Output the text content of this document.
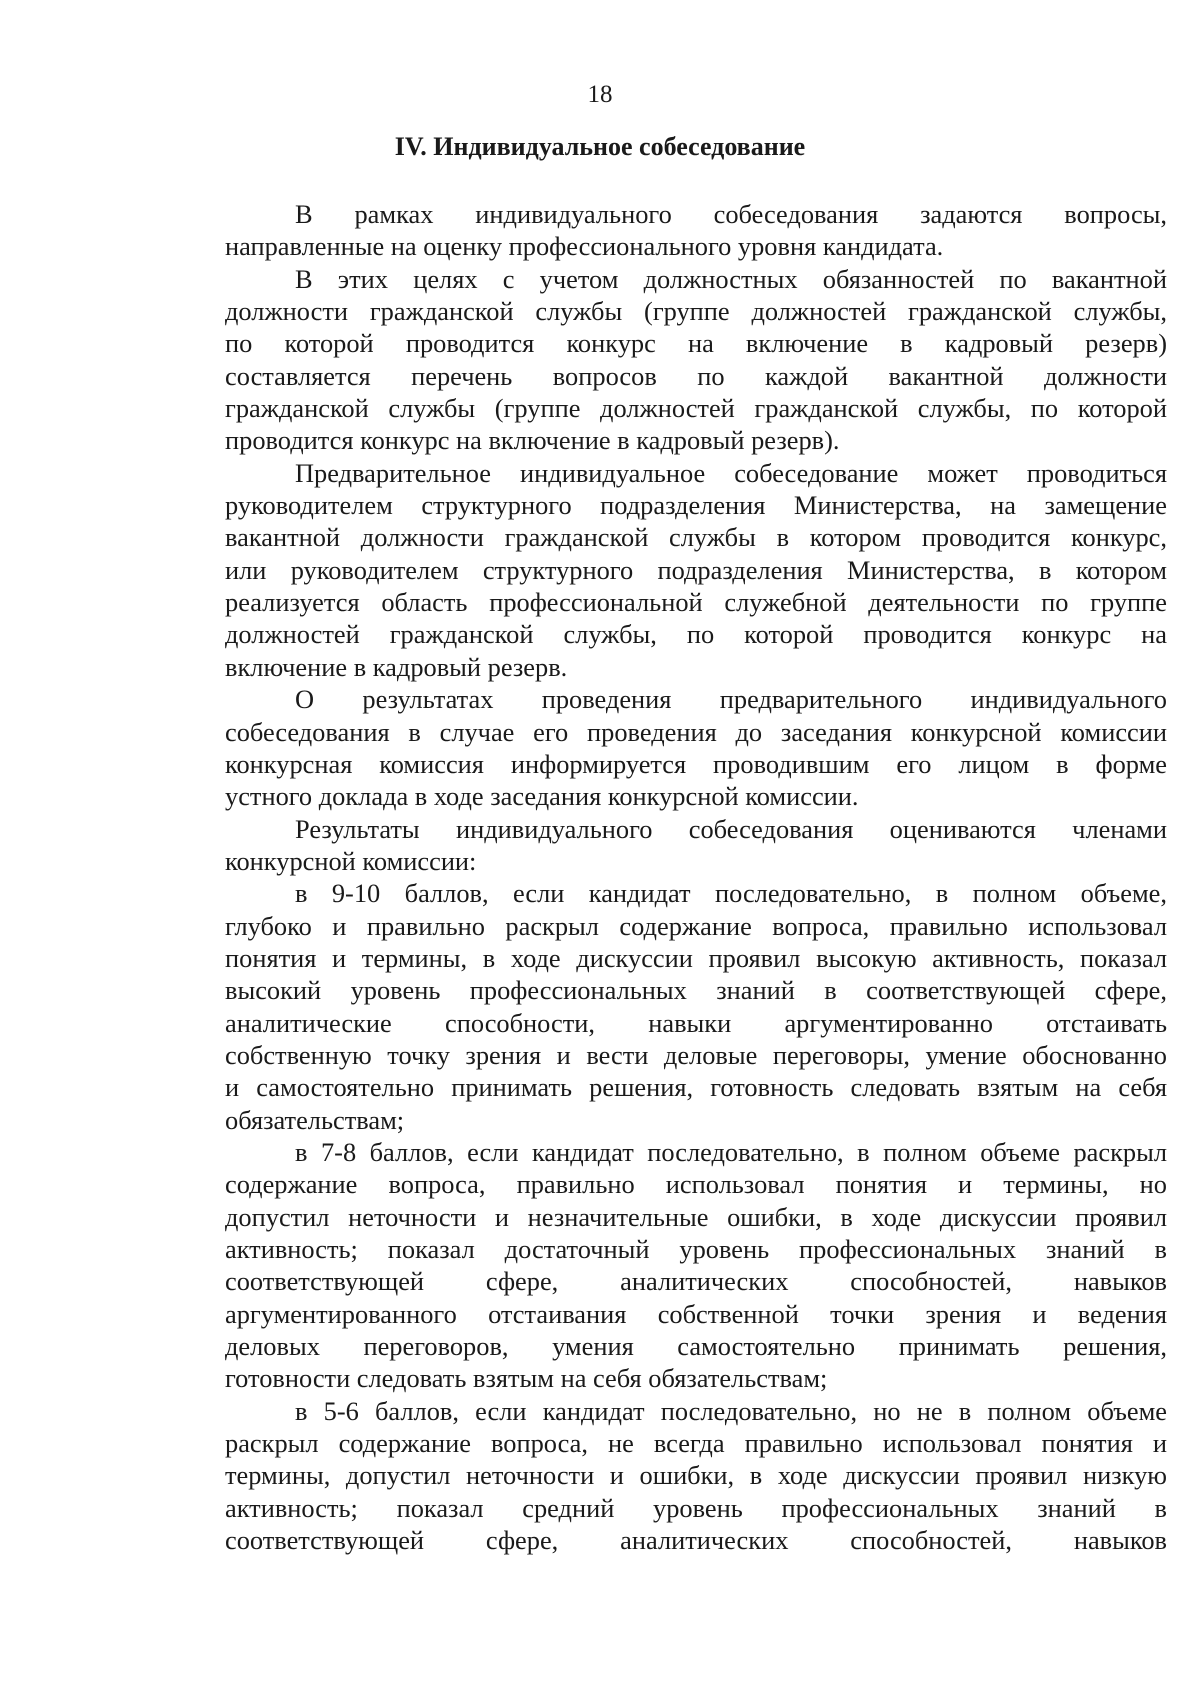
18
IV. Индивидуальное собеседование
В рамках индивидуального собеседования задаются вопросы,
направленные на оценку профессионального уровня кандидата.
В этих целях с учетом должностных обязанностей по вакантной
должности гражданской службы (группе должностей гражданской службы,
по которой проводится конкурс на включение в кадровый резерв)
составляется перечень вопросов по каждой вакантной должности
гражданской службы (группе должностей гражданской службы, по которой
проводится конкурс на включение в кадровый резерв).
Предварительное индивидуальное собеседование может проводиться
руководителем структурного подразделения Министерства, на замещение
вакантной должности гражданской службы в котором проводится конкурс,
или руководителем структурного подразделения Министерства, в котором
реализуется область профессиональной служебной деятельности по группе
должностей гражданской службы, по которой проводится конкурс на
включение в кадровый резерв.
О результатах проведения предварительного индивидуального
собеседования в случае его проведения до заседания конкурсной комиссии
конкурсная комиссия информируется проводившим его лицом в форме
устного доклада в ходе заседания конкурсной комиссии.
Результаты индивидуального собеседования оцениваются членами
конкурсной комиссии:
в 9-10 баллов, если кандидат последовательно, в полном объеме,
глубоко и правильно раскрыл содержание вопроса, правильно использовал
понятия и термины, в ходе дискуссии проявил высокую активность, показал
высокий уровень профессиональных знаний в соответствующей сфере,
аналитические способности, навыки аргументированно отстаивать
собственную точку зрения и вести деловые переговоры, умение обоснованно
и самостоятельно принимать решения, готовность следовать взятым на себя
обязательствам;
в 7-8 баллов, если кандидат последовательно, в полном объеме раскрыл
содержание вопроса, правильно использовал понятия и термины, но
допустил неточности и незначительные ошибки, в ходе дискуссии проявил
активность; показал достаточный уровень профессиональных знаний в
соответствующей сфере, аналитических способностей, навыков
аргументированного отстаивания собственной точки зрения и ведения
деловых переговоров, умения самостоятельно принимать решения,
готовности следовать взятым на себя обязательствам;
в 5-6 баллов, если кандидат последовательно, но не в полном объеме
раскрыл содержание вопроса, не всегда правильно использовал понятия и
термины, допустил неточности и ошибки, в ходе дискуссии проявил низкую
активность; показал средний уровень профессиональных знаний в
соответствующей сфере, аналитических способностей, навыков
